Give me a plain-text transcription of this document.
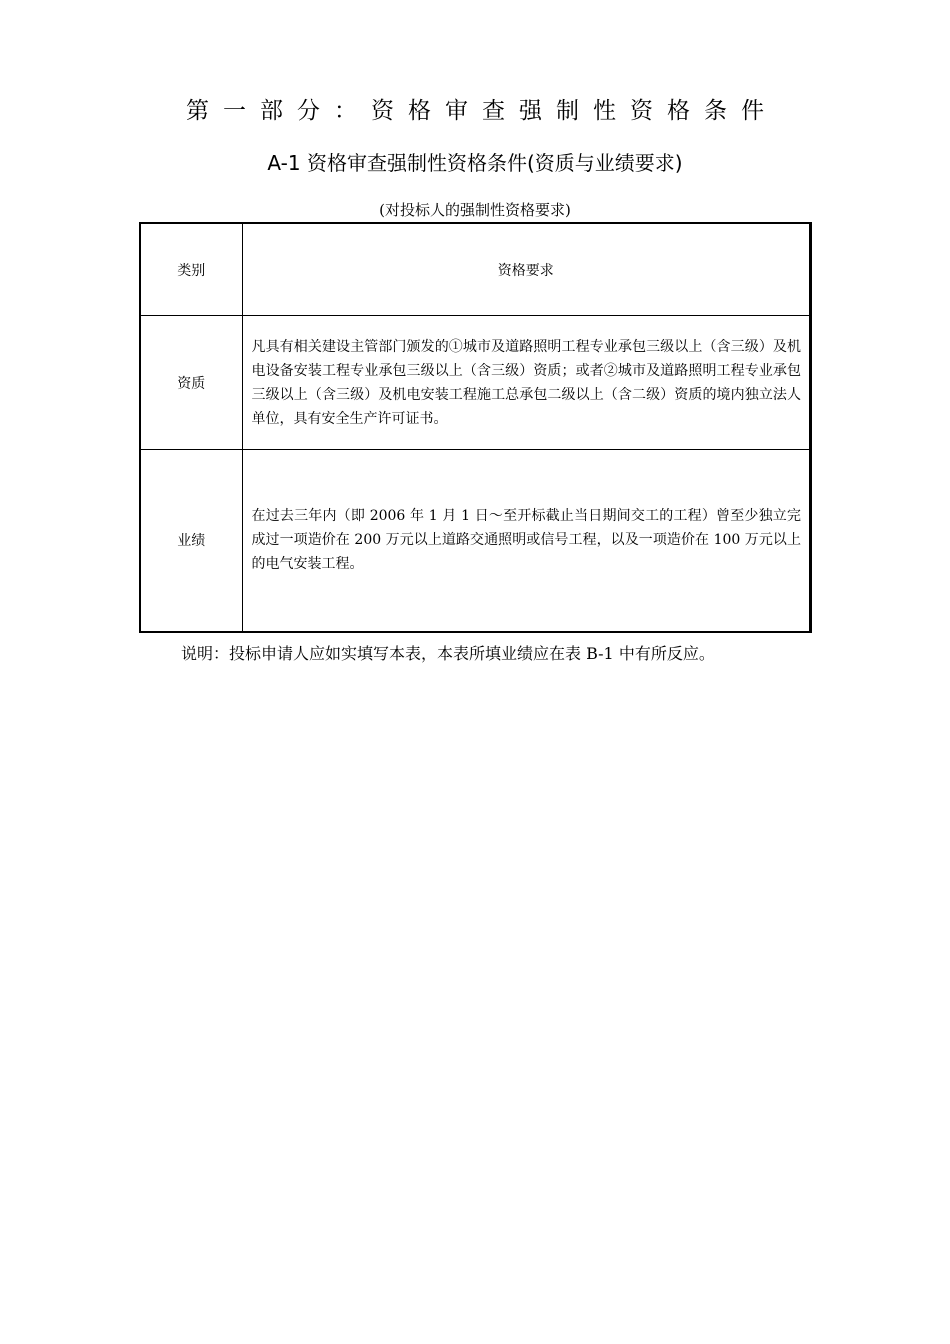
第一部分：资格审查强制性资格条件
A-1 资格审查强制性资格条件(资质与业绩要求)
(对投标人的强制性资格要求)
类别	资格要求
资质	凡具有相关建设主管部门颁发的①城市及道路照明工程专业承包三级以上（含三级）及机电设备安装工程专业承包三级以上（含三级）资质；或者②城市及道路照明工程专业承包三级以上（含三级）及机电安装工程施工总承包二级以上（含二级）资质的境内独立法人单位，具有安全生产许可证书。
业绩	在过去三年内（即 2006 年 1 月 1 日～至开标截止当日期间交工的工程）曾至少独立完成过一项造价在 200 万元以上道路交通照明或信号工程，以及一项造价在 100 万元以上的电气安装工程。
说明：投标申请人应如实填写本表，本表所填业绩应在表 B-1 中有所反应。
